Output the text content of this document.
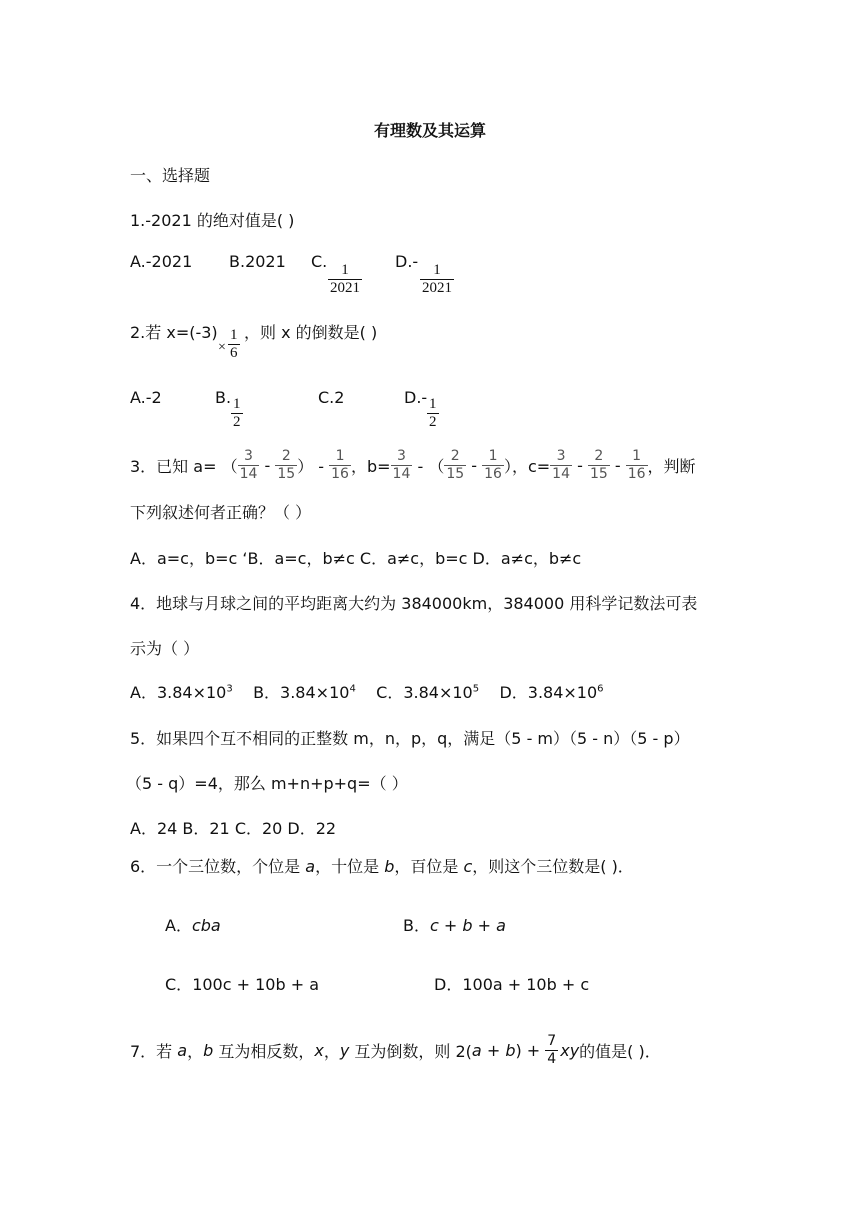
有理数及其运算
一、选择题
1.-2021 的绝对值是( )
A.-2021 B.2021 C.
$\frac{1}{2021}$
D.-
$\frac{1}{2021}$
2.若 x=(-3)
× $\frac{1}{6}$ ，则 x 的倒数是( )
A.-2	B. $\frac{1}{2}$	C.2	$D.- \frac{1}{2}$
3．已知 a= （ $\frac{3}{14} - \frac{2}{15}$ ） - $\frac{1}{16}$ ，$b= \frac{3}{14}$ - （ $\frac{2}{15} - \frac{1}{16}$ ），$c= \frac{3}{14} - \frac{2}{15} - \frac{1}{16}$ ，判断
下列叙述何者正确？（ ）
A．a=c，b=c ‘B．a=c，b≠c C．a≠c，b=c D．a≠c，b≠c
4．地球与月球之间的平均距离大约为 384000km，384000 用科学记数法可表
示为（ ）
A．$3.84\times 10^3$ B．$3.84\times 10^4$ C．$3.84\times 10^5$ D．$3.84\times 10^6$
5．如果四个互不相同的正整数 m，n，p，q，满足（5 - m）（5 - n）（5 - p）
（5 - q）=4，那么 m+n+p+q=（ ）
A．24 B．21 C．20 D．22
6．一个三位数，个位是 a，十位是 b，百位是 c，则这个三位数是( )．
A．cba	B．c + b + a
C．100c + 10b + a	D．100a + 10b + c
7．若 a ， b 互为相反数， x ， y 互为倒数，则 2( a + b ) + $\frac{7}{4}$ xy 的值是( )．
